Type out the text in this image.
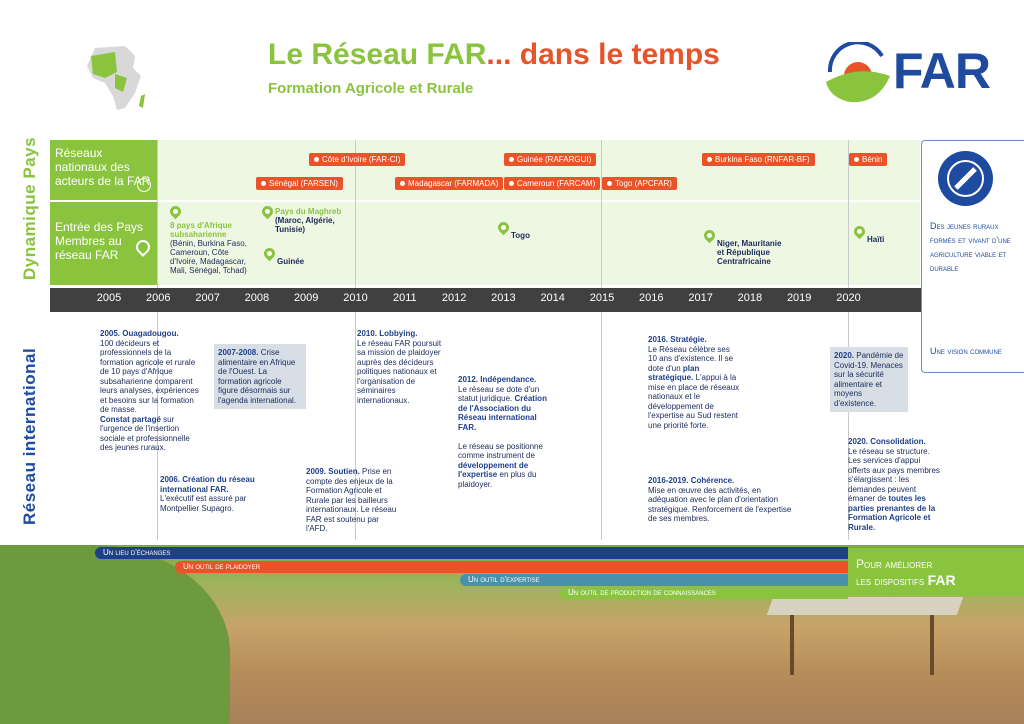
Le Réseau FAR... dans le temps
Formation Agricole et Rurale	FAR
Dynamique Pays
Réseau international
Réseaux nationaux des acteurs de la FAR
Entrée des Pays Membres au réseau FAR
Côte d'Ivoire (FAR-CI)
Sénégal (FARSEN)	Madagascar (FARMADA)
Guinée (RAFARGUI)
Cameroun (FARCAM)	Togo (APCFAR)
Burkina Faso (RNFAR-BF)	Bénin
8 pays d'Afrique subsaharienne
(Bénin, Burkina Faso, Cameroun, Côte d'Ivoire, Madagascar, Mali, Sénégal, Tchad)
Pays du Maghreb
(Maroc, Algérie, Tunisie)
Guinée
Togo
Niger, Mauritanie et République Centrafricaine
Haïti
2005	2006	2007	2008	2009	2010	2011	2012	2013	2014	2015	2016	2017	2018	2019	2020
Des jeunes ruraux formés et vivant d'une agriculture viable et durable
Une vision commune
2005. Ouagadougou.
100 décideurs et professionnels de la formation agricole et rurale de 10 pays d'Afrique subsaharienne comparent leurs analyses, expériences et besoins sur la formation de masse.
Constat partagé sur l'urgence de l'insertion sociale et professionnelle des jeunes ruraux.
2007-2008. Crise alimentaire en Afrique de l'Ouest. La formation agricole figure désormais sur l'agenda international.
2006. Création du réseau international FAR. L'exécutif est assuré par Montpellier Supagro.
2009. Soutien. Prise en compte des enjeux de la Formation Agricole et Rurale par les bailleurs internationaux. Le réseau FAR est soutenu par l'AFD.
2010. Lobbying.
Le réseau FAR poursuit sa mission de plaidoyer auprès des décideurs politiques nationaux et l'organisation de séminaires internationaux.
2012. Indépendance.
Le réseau se dote d'un statut juridique. Création de l'Association du Réseau international FAR.

Le réseau se positionne comme instrument de développement de l'expertise en plus du plaidoyer.
2016. Stratégie.
Le Réseau célèbre ses 10 ans d'existence. Il se dote d'un plan stratégique. L'appui à la mise en place de réseaux nationaux et le développement de l'expertise au Sud restent une priorité forte.
2016-2019. Cohérence.
Mise en œuvre des activités, en adéquation avec le plan d'orientation stratégique. Renforcement de l'expertise de ses membres.
2020. Pandémie de Covid-19. Menaces sur la sécurité alimentaire et moyens d'existence.
2020. Consolidation.
Le réseau se structure. Les services d'appui offerts aux pays membres s'élargissent : les demandes peuvent émaner de toutes les parties prenantes de la Formation Agricole et Rurale.
Un lieu d'échanges
Un outil de plaidoyer
Un outil d'expertise
Un outil de production de connaissances
Pour améliorer
les dispositifs FAR
